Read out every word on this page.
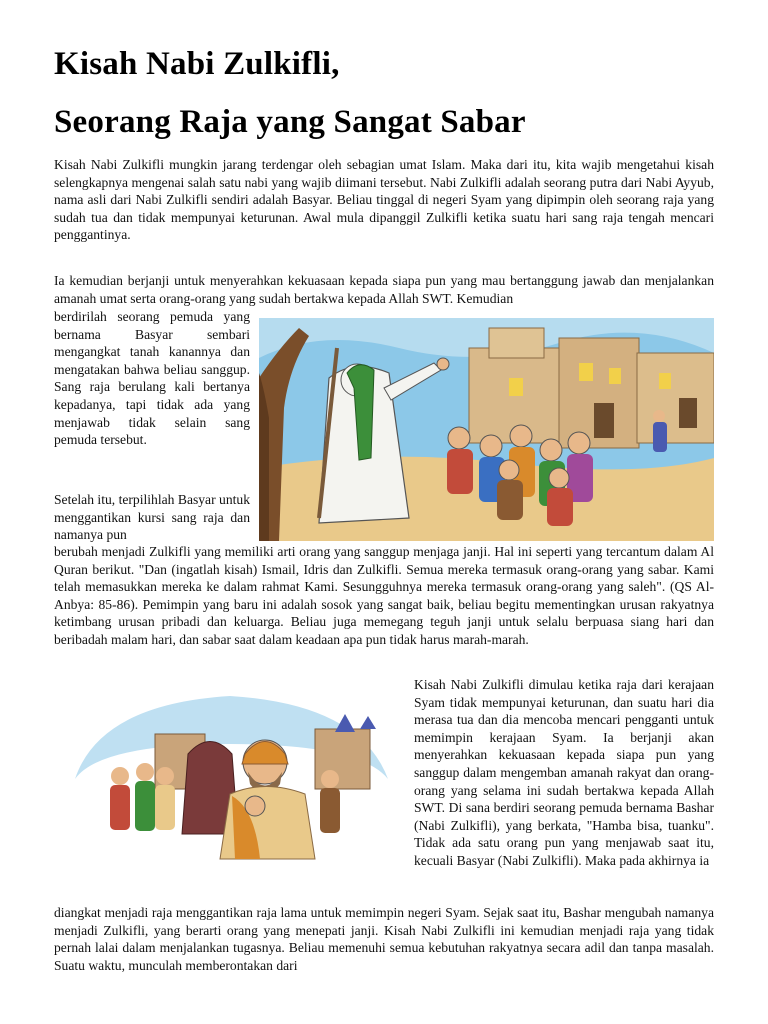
Kisah Nabi Zulkifli,
Seorang Raja yang Sangat Sabar

Kisah Nabi Zulkifli mungkin jarang terdengar oleh sebagian umat Islam. Maka dari itu, kita wajib mengetahui kisah selengkapnya mengenai salah satu nabi yang wajib diimani tersebut. Nabi Zulkifli adalah seorang putra dari Nabi Ayyub, nama asli dari Nabi Zulkifli sendiri adalah Basyar. Beliau tinggal di negeri Syam yang dipimpin oleh seorang raja yang sudah tua dan tidak mempunyai keturunan. Awal mula dipanggil Zulkifli ketika suatu hari sang raja tengah mencari penggantinya.

Ia kemudian berjanji untuk menyerahkan kekuasaan kepada siapa pun yang mau bertanggung jawab dan menjalankan amanah umat serta orang-orang yang sudah bertakwa kepada Allah SWT. Kemudian

berdirilah seorang pemuda yang bernama Basyar sembari mengangkat tanah kanannya dan mengatakan bahwa beliau sanggup. Sang raja berulang kali bertanya kepadanya, tapi tidak ada yang menjawab tidak selain sang pemuda tersebut.

Setelah itu, terpilihlah Basyar untuk menggantikan kursi sang raja dan namanya pun

berubah menjadi Zulkifli yang memiliki arti orang yang sanggup menjaga janji. Hal ini seperti yang tercantum dalam Al Quran berikut. "Dan (ingatlah kisah) Ismail, Idris dan Zulkifli. Semua mereka termasuk orang-orang yang sabar. Kami telah memasukkan mereka ke dalam rahmat Kami. Sesungguhnya mereka termasuk orang-orang yang saleh". (QS Al-Anbya: 85-86). Pemimpin yang baru ini adalah sosok yang sangat baik, beliau begitu mementingkan urusan rakyatnya ketimbang urusan pribadi dan keluarga. Beliau juga memegang teguh janji untuk selalu berpuasa siang hari dan beribadah malam hari, dan sabar saat dalam keadaan apa pun tidak harus marah-marah.

Kisah Nabi Zulkifli dimulau ketika raja dari kerajaan Syam tidak mempunyai keturunan, dan suatu hari dia merasa tua dan dia mencoba mencari pengganti untuk memimpin kerajaan Syam. Ia berjanji akan menyerahkan kekuasaan kepada siapa pun yang sanggup dalam mengemban amanah rakyat dan orang-orang yang selama ini sudah bertakwa kepada Allah SWT. Di sana berdiri seorang pemuda bernama Bashar (Nabi Zulkifli), yang berkata, "Hamba bisa, tuanku". Tidak ada satu orang pun yang menjawab saat itu, kecuali Basyar (Nabi Zulkifli). Maka pada akhirnya ia

diangkat menjadi raja menggantikan raja lama untuk memimpin negeri Syam. Sejak saat itu, Bashar mengubah namanya menjadi Zulkifli, yang berarti orang yang menepati janji. Kisah Nabi Zulkifli ini kemudian menjadi raja yang tidak pernah lalai dalam menjalankan tugasnya. Beliau memenuhi semua kebutuhan rakyatnya secara adil dan tanpa masalah. Suatu waktu, munculah memberontakan dari
